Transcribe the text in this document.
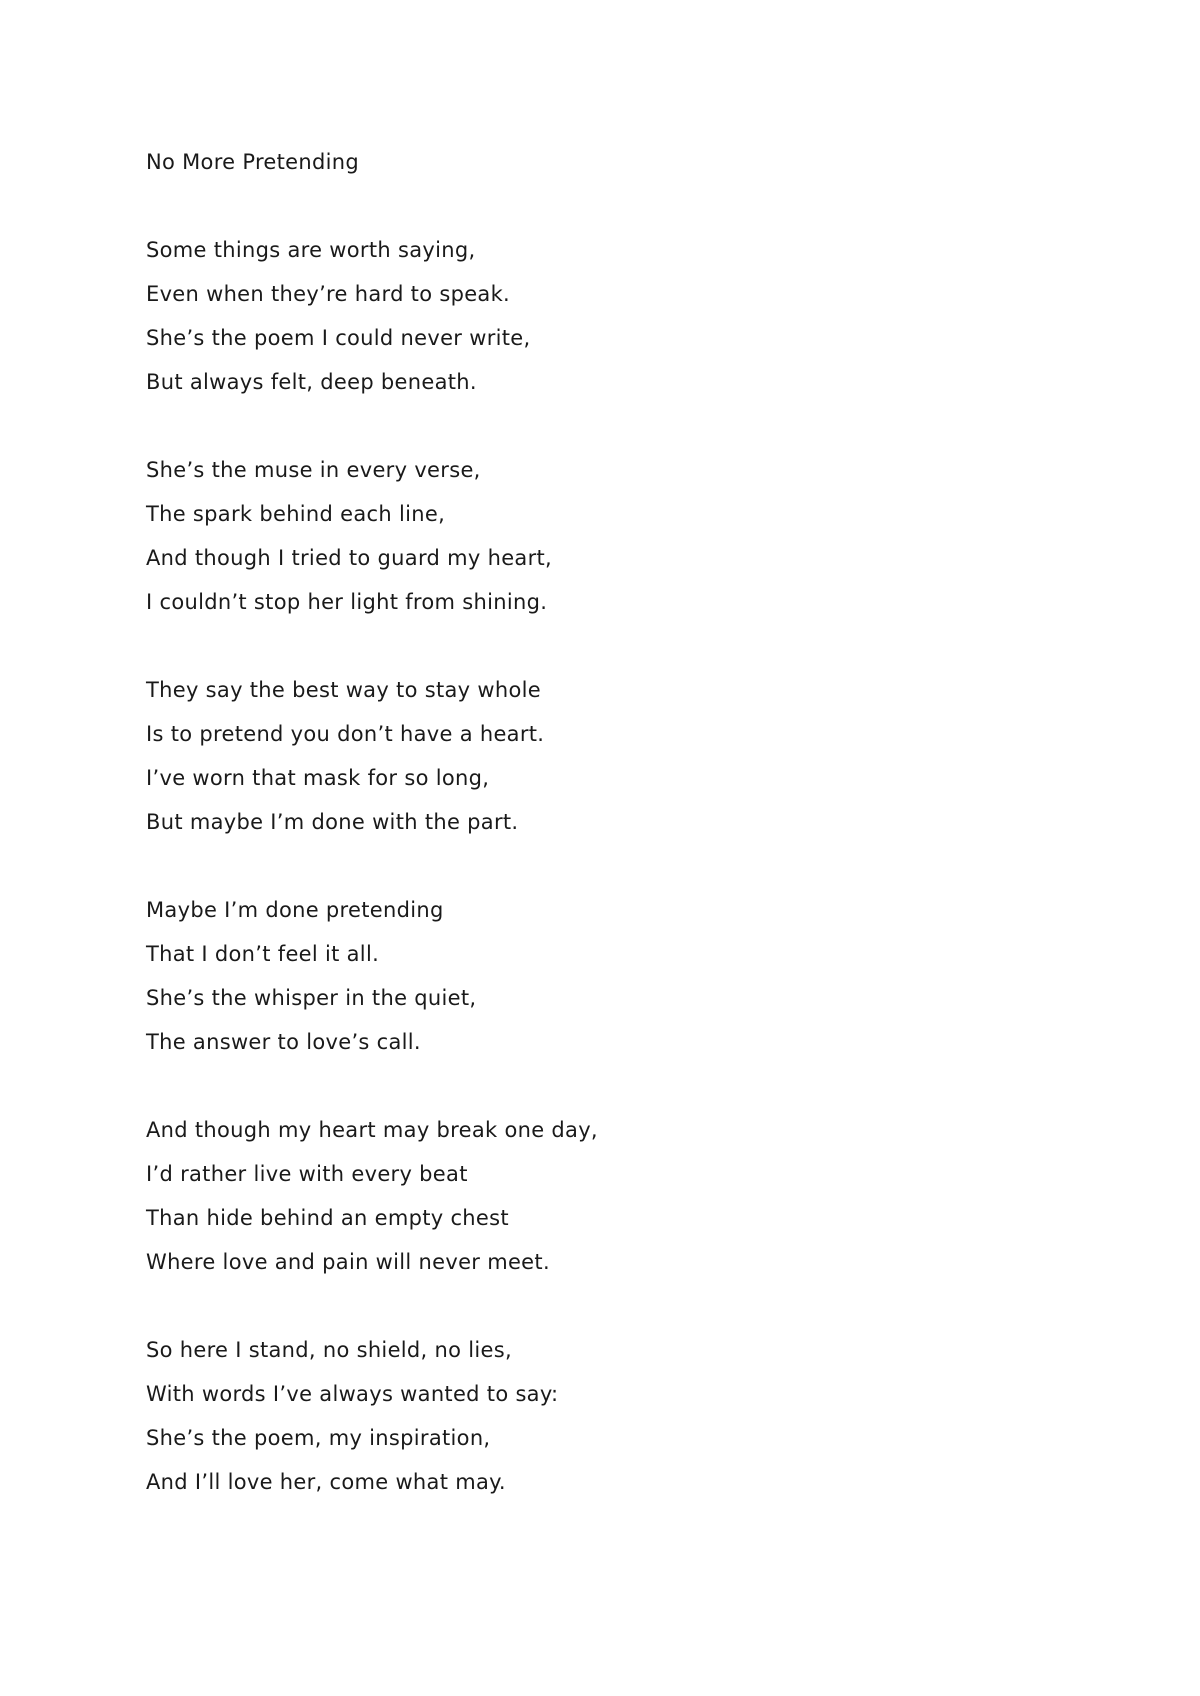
No More Pretending
Some things are worth saying,
Even when they’re hard to speak.
She’s the poem I could never write,
But always felt, deep beneath.
She’s the muse in every verse,
The spark behind each line,
And though I tried to guard my heart,
I couldn’t stop her light from shining.
They say the best way to stay whole
Is to pretend you don’t have a heart.
I’ve worn that mask for so long,
But maybe I’m done with the part.
Maybe I’m done pretending
That I don’t feel it all.
She’s the whisper in the quiet,
The answer to love’s call.
And though my heart may break one day,
I’d rather live with every beat
Than hide behind an empty chest
Where love and pain will never meet.
So here I stand, no shield, no lies,
With words I’ve always wanted to say:
She’s the poem, my inspiration,
And I’ll love her, come what may.
